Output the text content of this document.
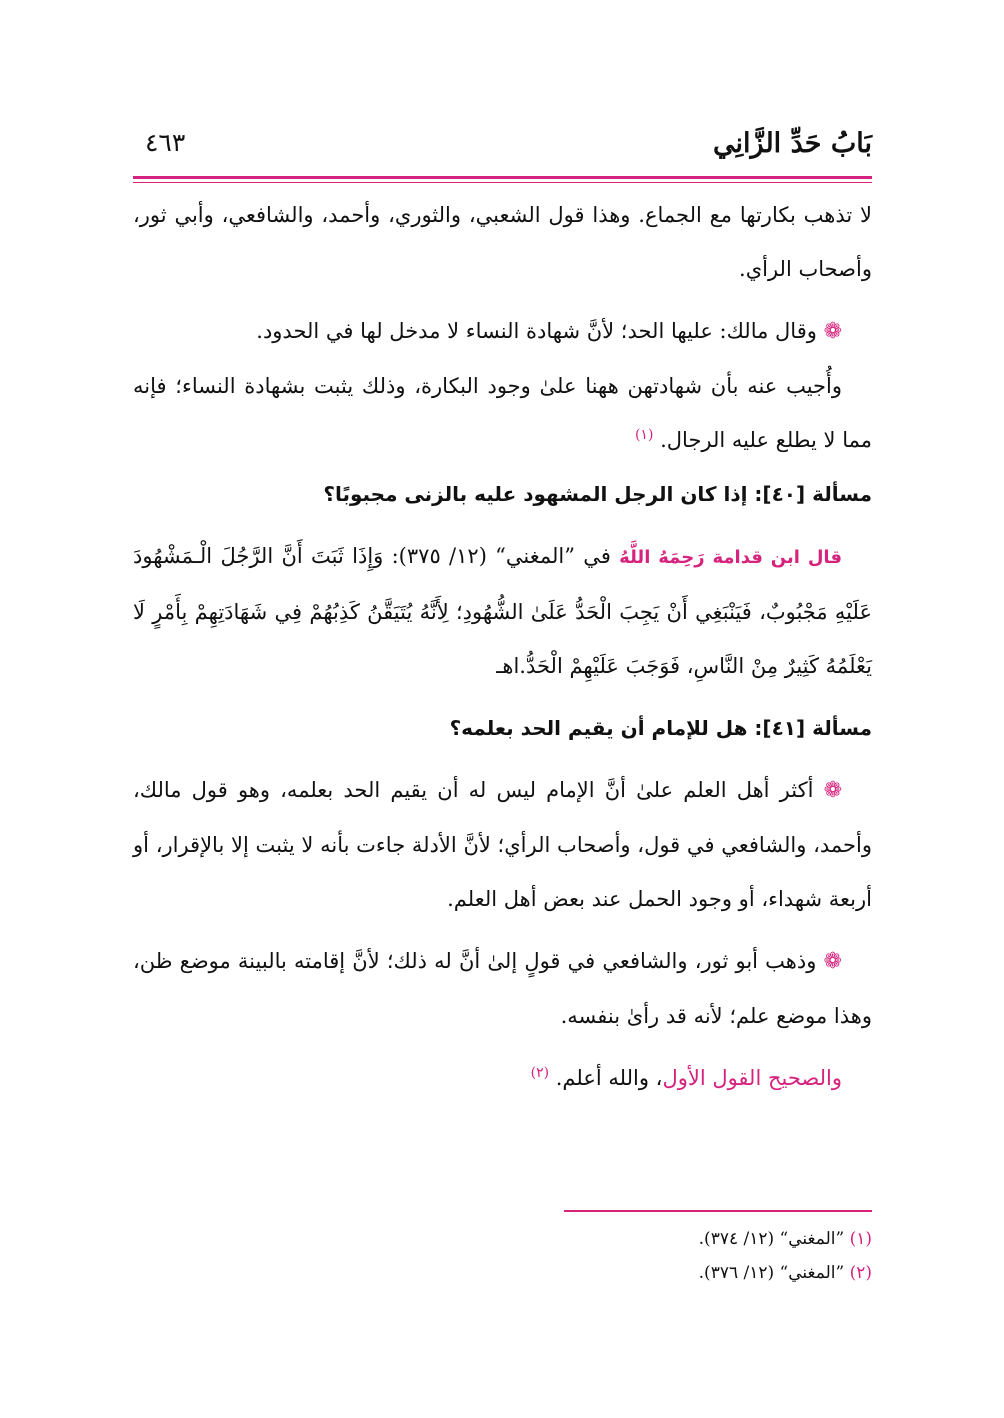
بَابُ حَدِّ الزَّانِي
٤٦٣

لا تذهب بكارتها مع الجماع. وهذا قول الشعبي، والثوري، وأحمد، والشافعي، وأبي ثور، وأصحاب الرأي.

❁ وقال مالك: عليها الحد؛ لأنَّ شهادة النساء لا مدخل لها في الحدود.

وأُجيب عنه بأن شهادتهن ههنا علىٰ وجود البكارة، وذلك يثبت بشهادة النساء؛ فإنه مما لا يطلع عليه الرجال. $^{(١)}$

مسألة [٤٠]: إذا كان الرجل المشهود عليه بالزنى مجبوبًا؟

قال ابن قدامة رَحِمَهُ اللَّهُ في ”المغني“ (١٢/ ٣٧٥): وَإِذَا ثَبَتَ أَنَّ الرَّجُلَ الْـمَشْهُودَ عَلَيْهِ مَجْبُوبٌ، فَيَنْبَغِي أَنْ يَجِبَ الْحَدُّ عَلَىٰ الشُّهُودِ؛ لِأَنَّهُ يُتَيَقَّنُ كَذِبُهُمْ فِي شَهَادَتِهِمْ بِأَمْرٍ لَا يَعْلَمُهُ كَثِيرٌ مِنْ النَّاسِ، فَوَجَبَ عَلَيْهِمْ الْحَدُّ.اهـ

مسألة [٤١]: هل للإمام أن يقيم الحد بعلمه؟

❁ أكثر أهل العلم علىٰ أنَّ الإمام ليس له أن يقيم الحد بعلمه، وهو قول مالك، وأحمد، والشافعي في قول، وأصحاب الرأي؛ لأنَّ الأدلة جاءت بأنه لا يثبت إلا بالإقرار، أو أربعة شهداء، أو وجود الحمل عند بعض أهل العلم.

❁ وذهب أبو ثور، والشافعي في قولٍ إلىٰ أنَّ له ذلك؛ لأنَّ إقامته بالبينة موضع ظن، وهذا موضع علم؛ لأنه قد رأىٰ بنفسه.

والصحيح القول الأول، والله أعلم. $^{(٢)}$

(١) ”المغني“ (١٢/ ٣٧٤).
(٢) ”المغني“ (١٢/ ٣٧٦).
